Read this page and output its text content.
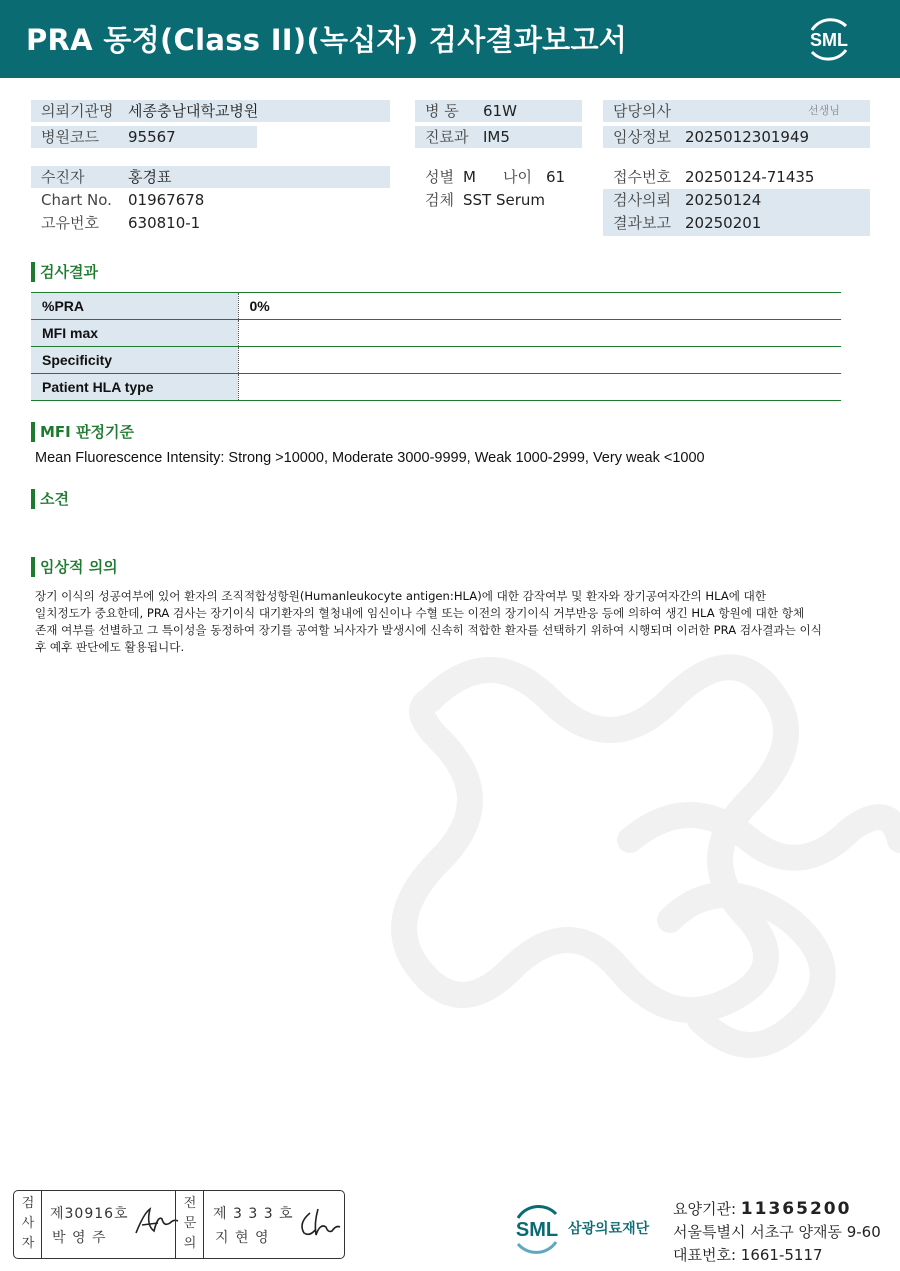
PRA 동정(Class II)(녹십자) 검사결과보고서	SML
의뢰기관명 세종충남대학교병원
병원코드 95567
수진자	홍경표
Chart No. 01967678
고유번호 630810-1
병 동 61W
진료과 IM5
성별 M 나이 61
검체 SST Serum
담당의사	선생님
임상정보 2025012301949
접수번호 20250124-71435
검사의뢰 20250124
결과보고 20250201
검사결과
%PRA	0%
MFI max	
Specificity	
Patient HLA type	
MFI 판정기준
Mean Fluorescence Intensity: Strong >10000, Moderate 3000-9999, Weak 1000-2999, Very weak <1000
소견
임상적 의의
장기 이식의 성공여부에 있어 환자의 조직적합성항원(Humanleukocyte antigen:HLA)에 대한 감작여부 및 환자와 장기공여자간의 HLA에 대한
일치정도가 중요한데, PRA 검사는 장기이식 대기환자의 혈청내에 임신이나 수혈 또는 이전의 장기이식 거부반응 등에 의하여 생긴 HLA 항원에 대한 항체
존재 여부를 선별하고 그 특이성을 동정하여 장기를 공여할 뇌사자가 발생시에 신속히 적합한 환자를 선택하기 위하여 시행되며 이러한 PRA 검사결과는 이식
후 예후 판단에도 활용됩니다.
검
사
자
제30916호
박 영 주
전
문
의
제 3 3 3 호
지 현 영	SML 삼광의료재단
요양기관: 11365200
서울특별시 서초구 양재동 9-60
대표번호: 1661-5117
